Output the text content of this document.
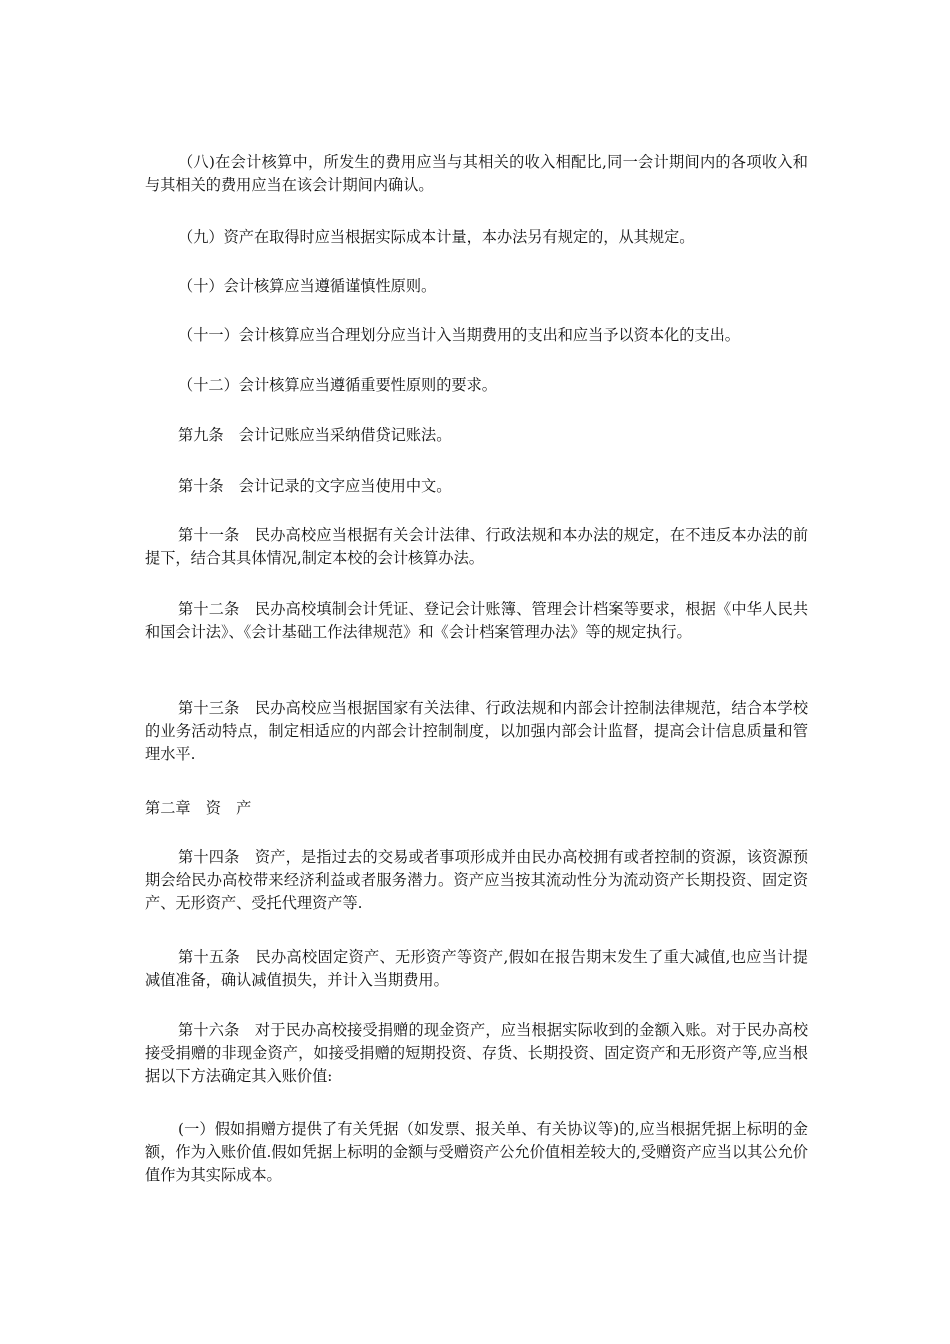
（八)在会计核算中，所发生的费用应当与其相关的收入相配比,同一会计期间内的各项收入和与其相关的费用应当在该会计期间内确认。

（九）资产在取得时应当根据实际成本计量，本办法另有规定的，从其规定。

（十）会计核算应当遵循谨慎性原则。

（十一）会计核算应当合理划分应当计入当期费用的支出和应当予以资本化的支出。

（十二）会计核算应当遵循重要性原则的要求。

第九条　会计记账应当采纳借贷记账法。

第十条　会计记录的文字应当使用中文。

第十一条　民办高校应当根据有关会计法律、行政法规和本办法的规定，在不违反本办法的前提下，结合其具体情况,制定本校的会计核算办法。

第十二条　民办高校填制会计凭证、登记会计账簿、管理会计档案等要求，根据《中华人民共和国会计法》、《会计基础工作法律规范》和《会计档案管理办法》等的规定执行。

第十三条　民办高校应当根据国家有关法律、行政法规和内部会计控制法律规范，结合本学校的业务活动特点，制定相适应的内部会计控制制度，以加强内部会计监督，提高会计信息质量和管理水平.

第二章　资　产

第十四条　资产，是指过去的交易或者事项形成并由民办高校拥有或者控制的资源，该资源预期会给民办高校带来经济利益或者服务潜力。资产应当按其流动性分为流动资产长期投资、固定资产、无形资产、受托代理资产等.

第十五条　民办高校固定资产、无形资产等资产,假如在报告期末发生了重大减值,也应当计提减值准备，确认减值损失，并计入当期费用。

第十六条　对于民办高校接受捐赠的现金资产，应当根据实际收到的金额入账。对于民办高校接受捐赠的非现金资产，如接受捐赠的短期投资、存货、长期投资、固定资产和无形资产等,应当根据以下方法确定其入账价值:

(一）假如捐赠方提供了有关凭据（如发票、报关单、有关协议等)的,应当根据凭据上标明的金额，作为入账价值.假如凭据上标明的金额与受赠资产公允价值相差较大的,受赠资产应当以其公允价值作为其实际成本。
